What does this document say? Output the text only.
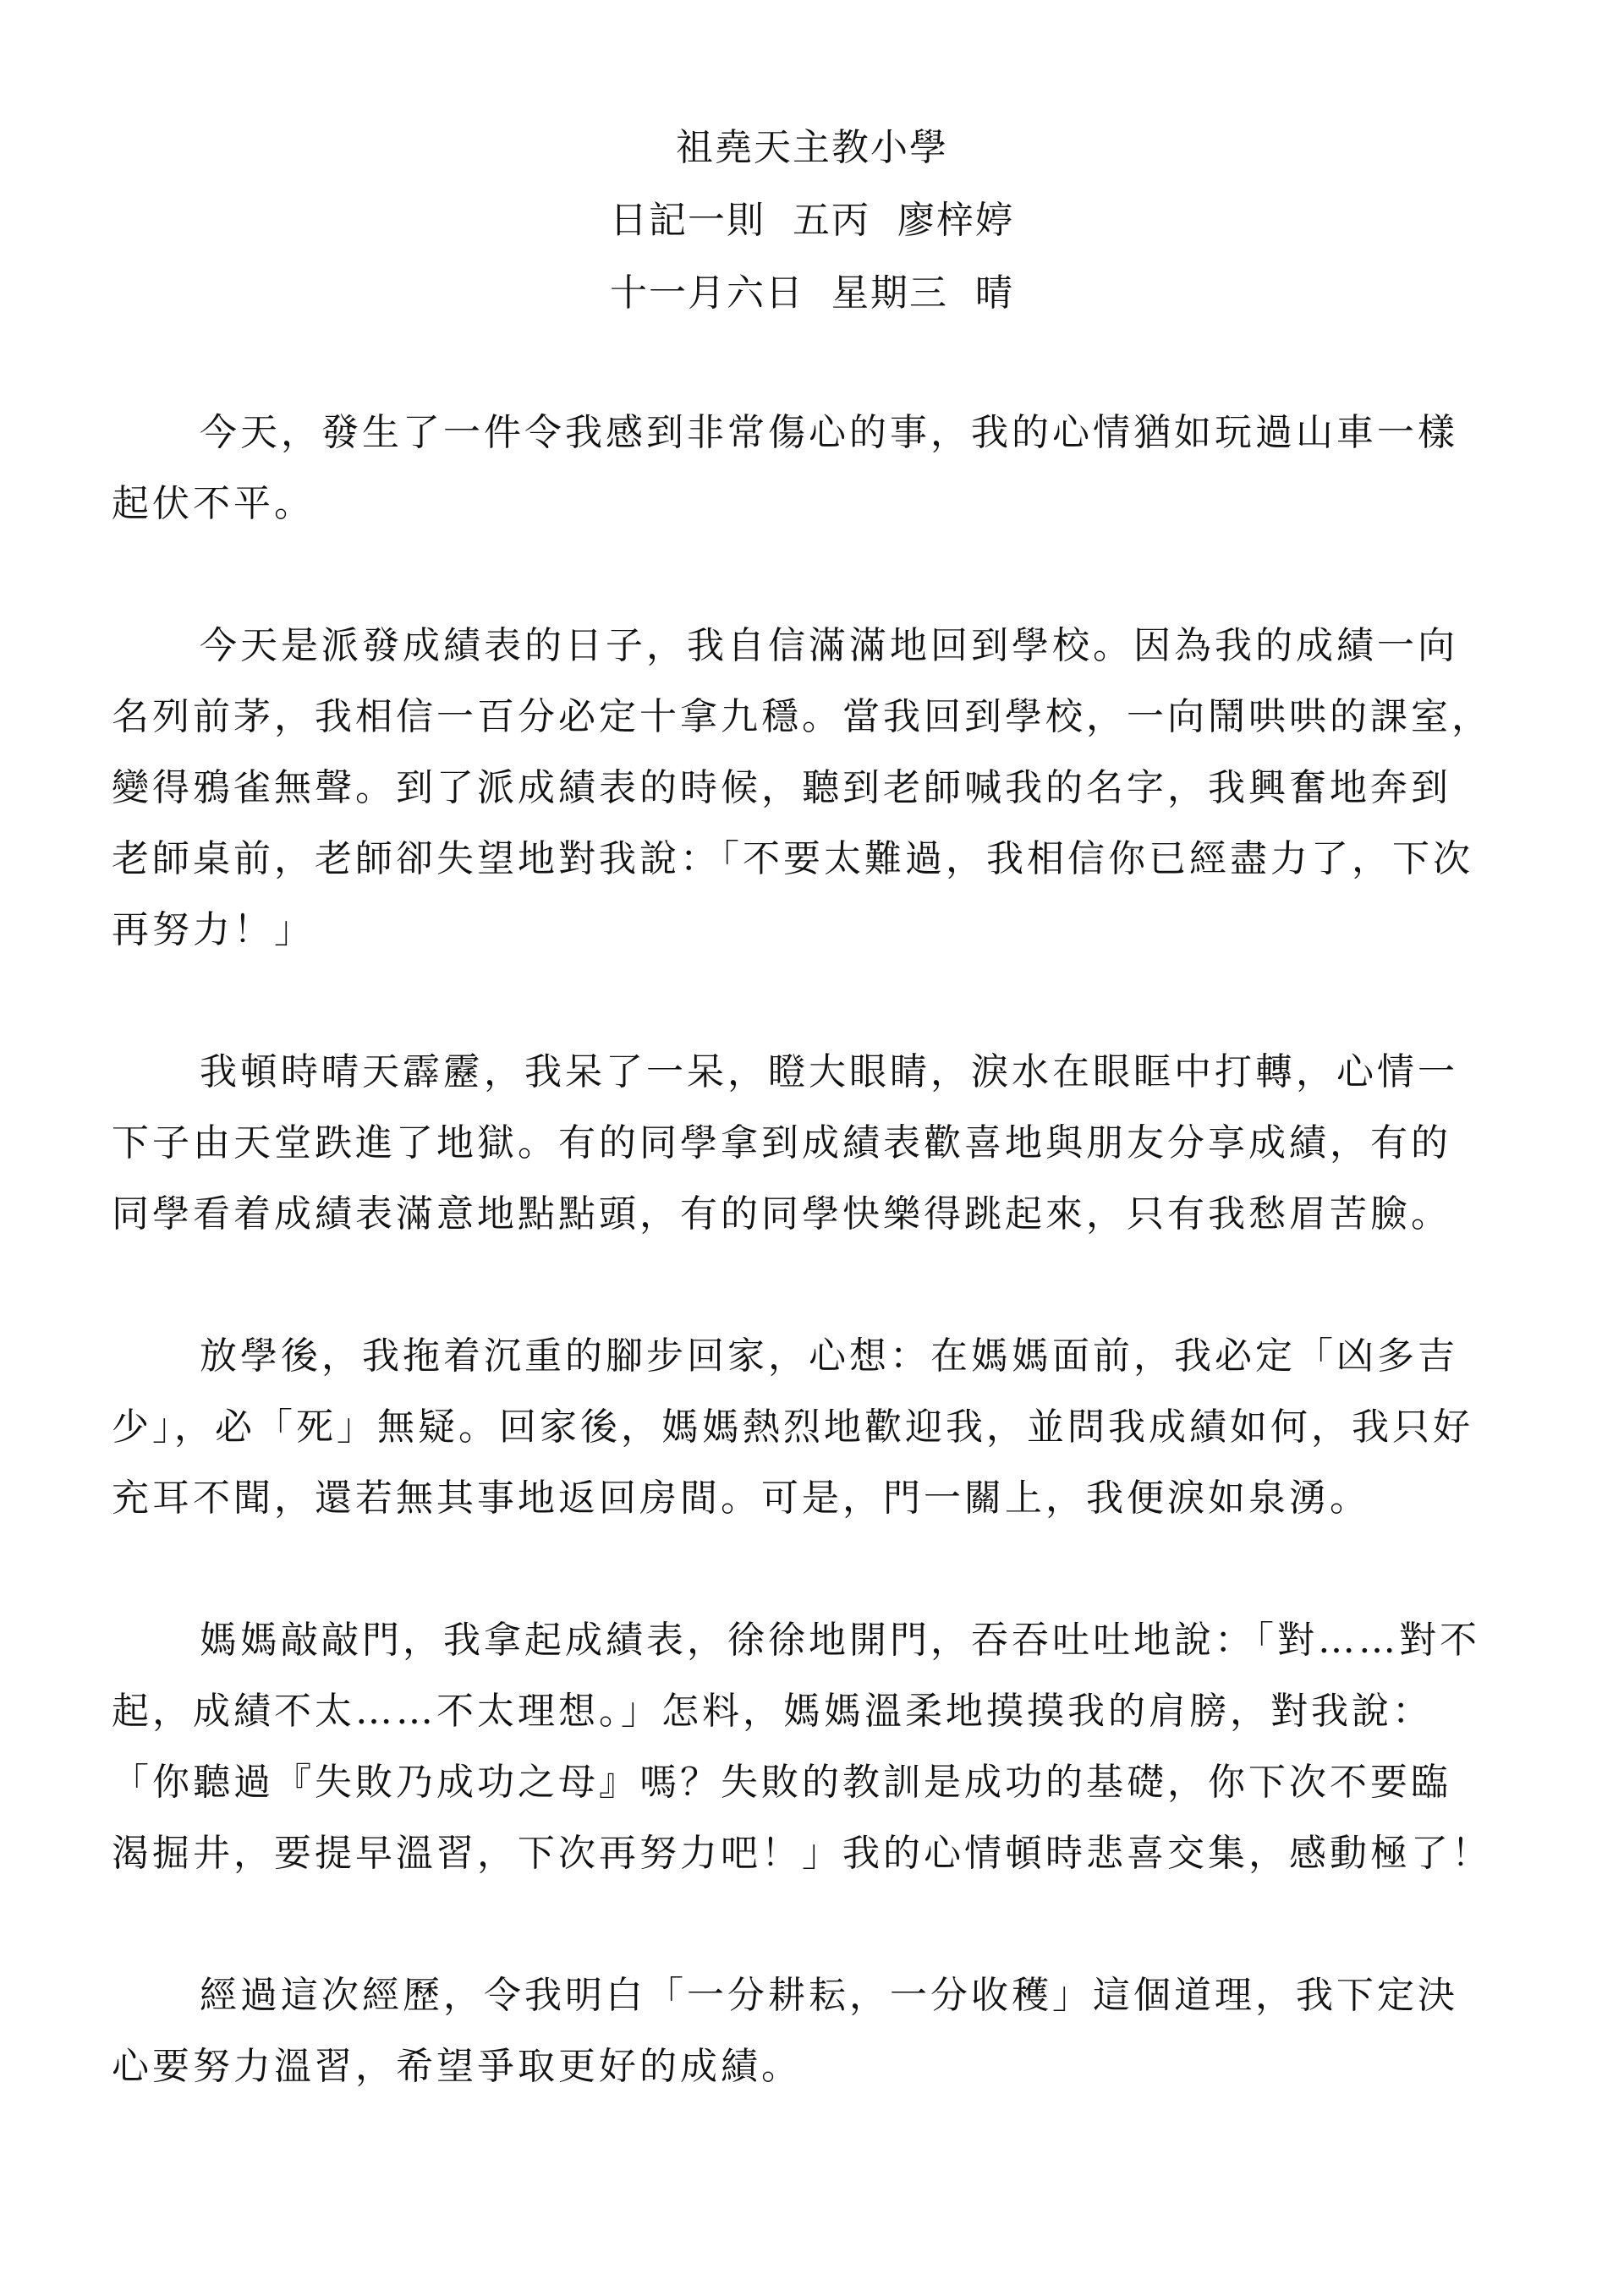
祖堯天主教小學
日記一則  五丙  廖梓婷
十一月六日  星期三  晴

今天，發生了一件令我感到非常傷心的事，我的心情猶如玩過山車一樣
起伏不平。

今天是派發成績表的日子，我自信滿滿地回到學校。因為我的成績一向
名列前茅，我相信一百分必定十拿九穩。當我回到學校，一向鬧哄哄的課室，
變得鴉雀無聲。到了派成績表的時候，聽到老師喊我的名字，我興奮地奔到
老師桌前，老師卻失望地對我說：「不要太難過，我相信你已經盡力了，下次
再努力！」

我頓時晴天霹靂，我呆了一呆，瞪大眼睛，淚水在眼眶中打轉，心情一
下子由天堂跌進了地獄。有的同學拿到成績表歡喜地與朋友分享成績，有的
同學看着成績表滿意地點點頭，有的同學快樂得跳起來，只有我愁眉苦臉。

放學後，我拖着沉重的腳步回家，心想：在媽媽面前，我必定「凶多吉
少」，必「死」無疑。回家後，媽媽熱烈地歡迎我，並問我成績如何，我只好
充耳不聞，還若無其事地返回房間。可是，門一關上，我便淚如泉湧。

媽媽敲敲門，我拿起成績表，徐徐地開門，吞吞吐吐地說：「對……對不
起，成績不太……不太理想。」怎料，媽媽溫柔地摸摸我的肩膀，對我說：
「你聽過『失敗乃成功之母』嗎？失敗的教訓是成功的基礎，你下次不要臨
渴掘井，要提早溫習，下次再努力吧！」我的心情頓時悲喜交集，感動極了！

經過這次經歷，令我明白「一分耕耘，一分收穫」這個道理，我下定決
心要努力溫習，希望爭取更好的成績。
